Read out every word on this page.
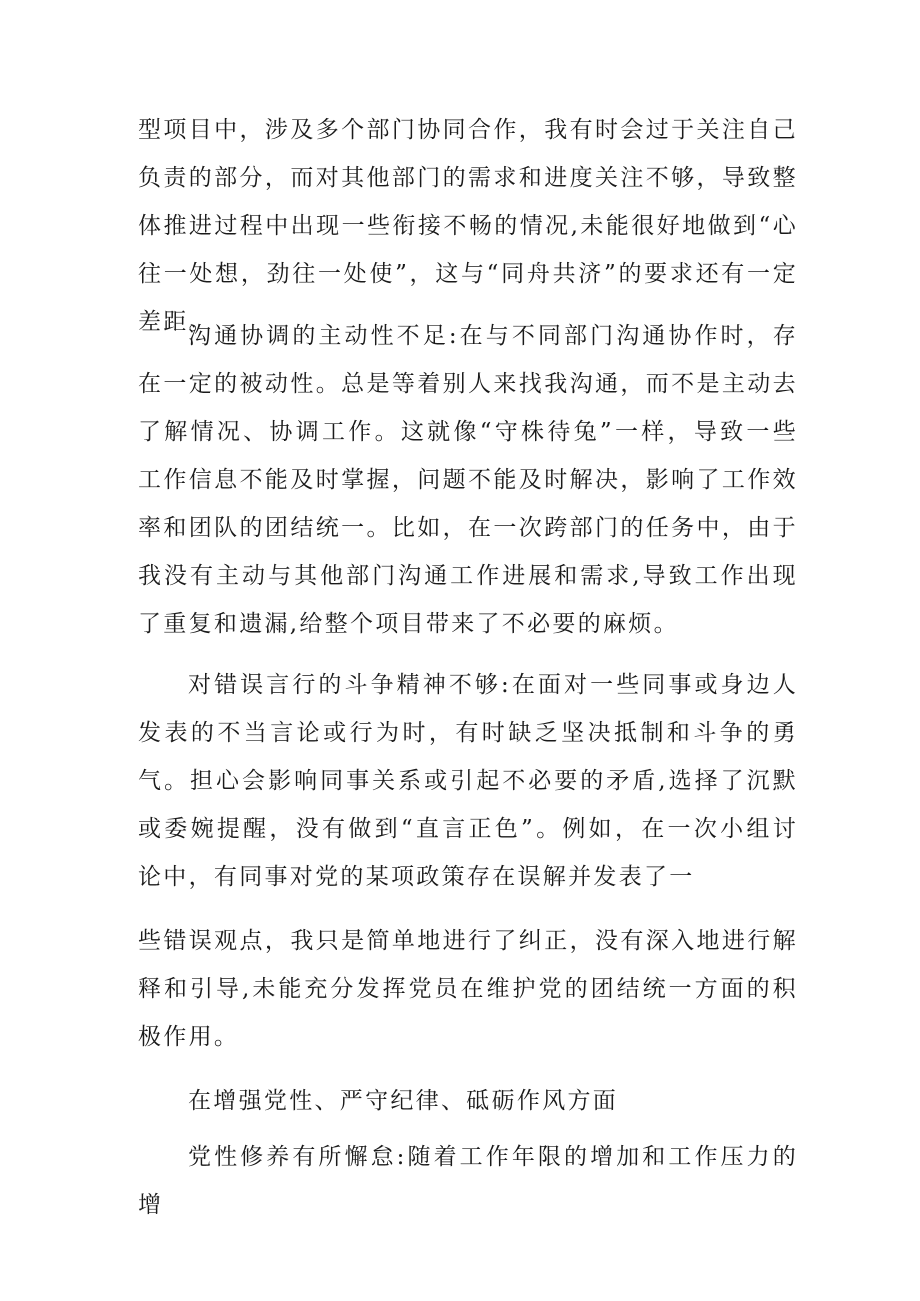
型项目中，涉及多个部门协同合作，我有时会过于关注自己负责的部分，而对其他部门的需求和进度关注不够，导致整体推进过程中出现一些衔接不畅的情况,未能很好地做到“心往一处想，劲往一处使”，这与“同舟共济”的要求还有一定差距。

沟通协调的主动性不足:在与不同部门沟通协作时，存在一定的被动性。总是等着别人来找我沟通，而不是主动去了解情况、协调工作。这就像“守株待兔”一样，导致一些工作信息不能及时掌握，问题不能及时解决，影响了工作效率和团队的团结统一。比如，在一次跨部门的任务中，由于我没有主动与其他部门沟通工作进展和需求,导致工作出现了重复和遗漏,给整个项目带来了不必要的麻烦。

对错误言行的斗争精神不够:在面对一些同事或身边人发表的不当言论或行为时，有时缺乏坚决抵制和斗争的勇气。担心会影响同事关系或引起不必要的矛盾,选择了沉默或委婉提醒，没有做到“直言正色”。例如，在一次小组讨论中，有同事对党的某项政策存在误解并发表了一

些错误观点，我只是简单地进行了纠正，没有深入地进行解释和引导,未能充分发挥党员在维护党的团结统一方面的积极作用。

在增强党性、严守纪律、砥砺作风方面

党性修养有所懈怠:随着工作年限的增加和工作压力的增
